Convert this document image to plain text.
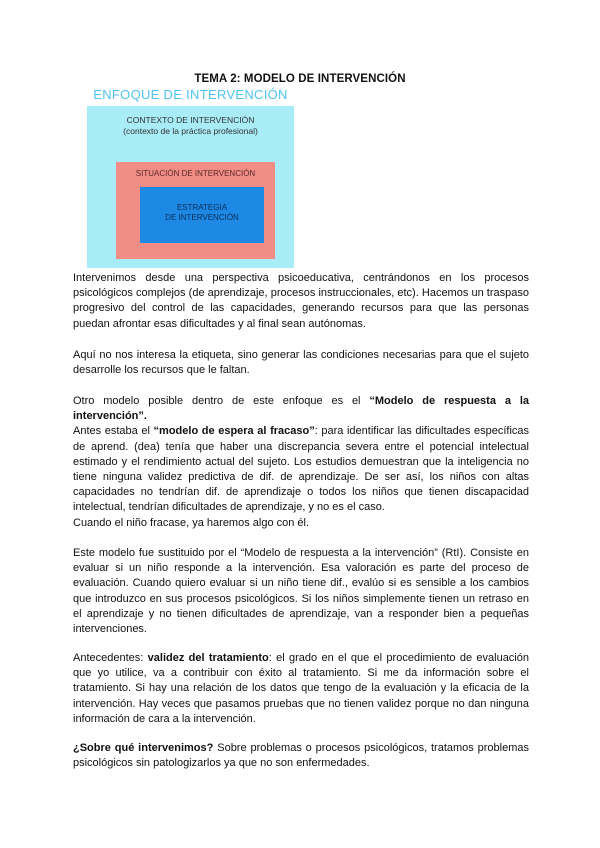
TEMA 2: MODELO DE INTERVENCIÓN
ENFOQUE DE INTERVENCIÓN
CONTEXTO DE INTERVENCIÓN
(contexto de la práctica profesional)
SITUACIÓN DE INTERVENCIÓN
ESTRATEGIA
DE INTERVENCIÓN

Intervenimos desde una perspectiva psicoeducativa, centrándonos en los procesos psicológicos complejos (de aprendizaje, procesos instruccionales, etc). Hacemos un traspaso progresivo del control de las capacidades, generando recursos para que las personas puedan afrontar esas dificultades y al final sean autónomas.

Aquí no nos interesa la etiqueta, sino generar las condiciones necesarias para que el sujeto desarrolle los recursos que le faltan.

Otro modelo posible dentro de este enfoque es el “Modelo de respuesta a la intervención”.
Antes estaba el “modelo de espera al fracaso”: para identificar las dificultades específicas de aprend. (dea) tenía que haber una discrepancia severa entre el potencial intelectual estimado y el rendimiento actual del sujeto. Los estudios demuestran que la inteligencia no tiene ninguna validez predictiva de dif. de aprendizaje. De ser así, los niños con altas capacidades no tendrían dif. de aprendizaje o todos los niños que tienen discapacidad intelectual, tendrían dificultades de aprendizaje, y no es el caso.
Cuando el niño fracase, ya haremos algo con él.

Este modelo fue sustituido por el “Modelo de respuesta a la intervención” (RtI). Consiste en evaluar si un niño responde a la intervención. Esa valoración es parte del proceso de evaluación. Cuando quiero evaluar si un niño tiene dif., evalúo si es sensible a los cambios que introduzco en sus procesos psicológicos. Si los niños simplemente tienen un retraso en el aprendizaje y no tienen dificultades de aprendizaje, van a responder bien a pequeñas intervenciones.

Antecedentes: validez del tratamiento: el grado en el que el procedimiento de evaluación que yo utilice, va a contribuir con éxito al tratamiento. Si me da información sobre el tratamiento. Si hay una relación de los datos que tengo de la evaluación y la eficacia de la intervención. Hay veces que pasamos pruebas que no tienen validez porque no dan ninguna información de cara a la intervención.

¿Sobre qué intervenimos? Sobre problemas o procesos psicológicos, tratamos problemas psicológicos sin patologizarlos ya que no son enfermedades.
